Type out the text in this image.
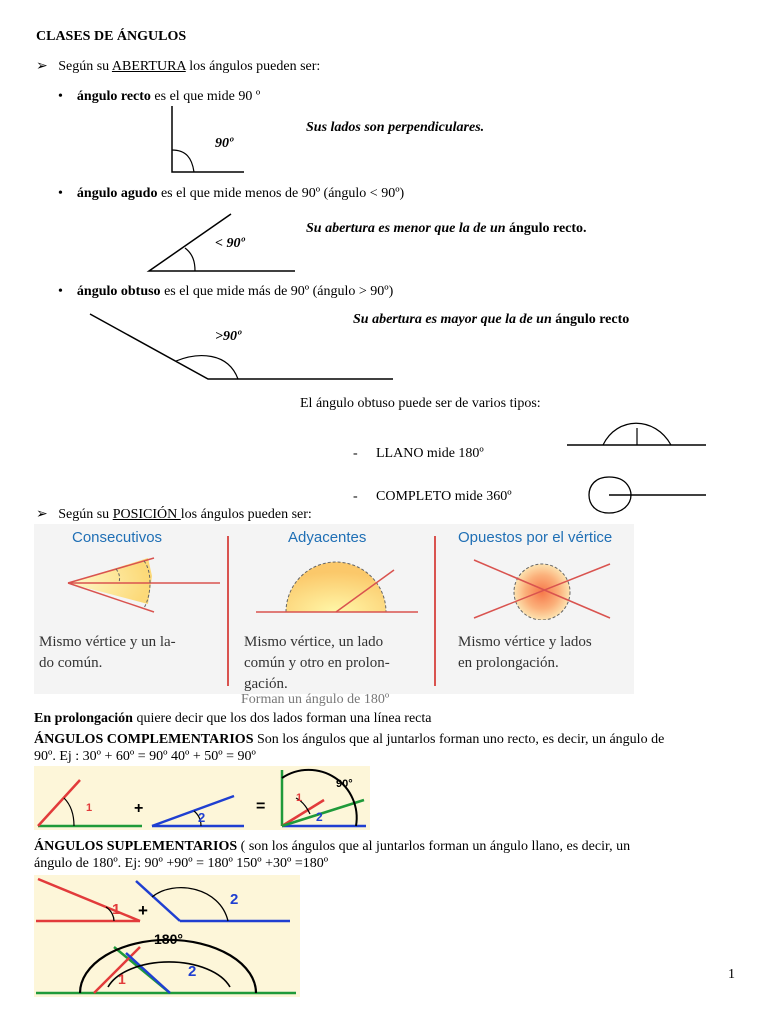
CLASES DE ÁNGULOS
➢ Según su ABERTURA los ángulos pueden ser:
• ángulo recto es el que mide 90 º
90º
Sus lados son perpendiculares.
• ángulo agudo es el que mide menos de 90º (ángulo < 90º)
< 90º
Su abertura es menor que la de un ángulo recto.
• ángulo obtuso es el que mide más de 90º (ángulo > 90º)
>90º
Su abertura es mayor que la de un ángulo recto
El ángulo obtuso puede ser de varios tipos:
- LLANO mide 180º
- COMPLETO mide 360º
➢ Según su POSICIÓN los ángulos pueden ser:
Consecutivos	Adyacentes	Opuestos por el vértice
Mismo vértice y un la-
do común.
Mismo vértice, un lado
común y otro en prolon-
gación.
Mismo vértice y lados
en prolongación.
Forman un ángulo de 180º
En prolongación quiere decir que los dos lados forman una línea recta
ÁNGULOS COMPLEMENTARIOS Son los ángulos que al juntarlos forman uno recto, es decir, un ángulo de
90º. Ej : 30º + 60º = 90º 40º + 50º = 90º
1	+
2
=	1
2
90°
ÁNGULOS SUPLEMENTARIOS ( son los ángulos que al juntarlos forman un ángulo llano, es decir, un
ángulo de 180º. Ej: 90º +90º = 180º 150º +30º =180º
1 +
2
180°
1	2	1
